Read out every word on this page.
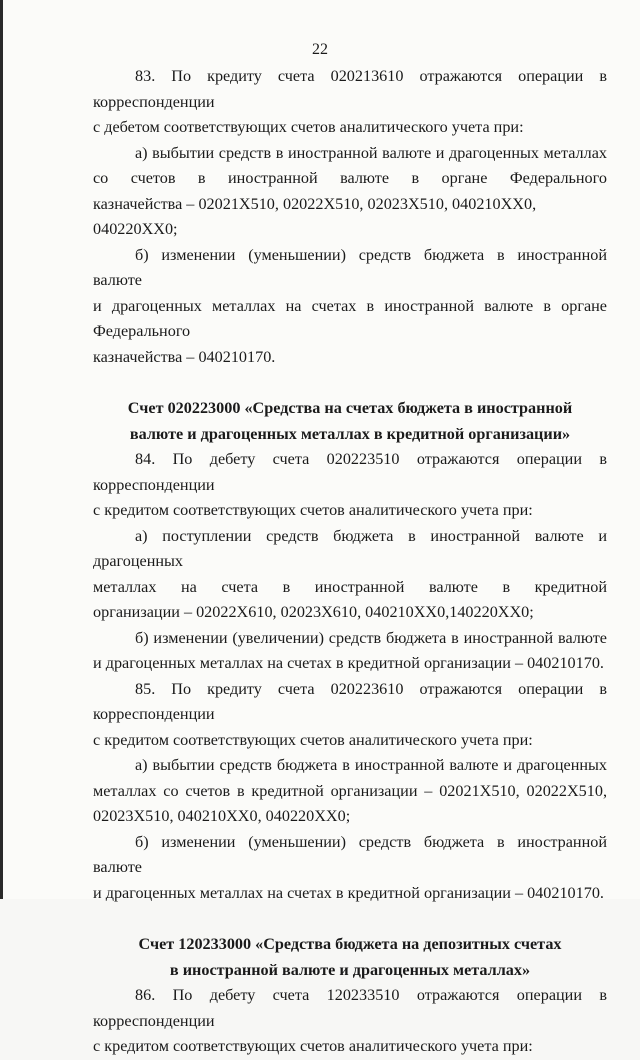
22
83. По кредиту счета 020213610 отражаются операции в корреспонденции
с дебетом соответствующих счетов аналитического учета при:
а) выбытии средств в иностранной валюте и драгоценных металлах
со счетов в иностранной валюте в органе Федерального
казначейства – 02021Х510, 02022Х510, 02023Х510, 040210ХХ0, 040220ХХ0;
б) изменении (уменьшении) средств бюджета в иностранной валюте
и драгоценных металлах на счетах в иностранной валюте в органе Федерального
казначейства – 040210170.
Счет 020223000 «Средства на счетах бюджета в иностранной
валюте и драгоценных металлах в кредитной организации»
84. По дебету счета 020223510 отражаются операции в корреспонденции
с кредитом соответствующих счетов аналитического учета при:
а) поступлении средств бюджета в иностранной валюте и драгоценных
металлах на счета в иностранной валюте в кредитной
организации – 02022Х610, 02023Х610, 040210ХХ0,140220ХХ0;
б) изменении (увеличении) средств бюджета в иностранной валюте
и драгоценных металлах на счетах в кредитной организации – 040210170.
85. По кредиту счета 020223610 отражаются операции в корреспонденции
с кредитом соответствующих счетов аналитического учета при:
а) выбытии средств бюджета в иностранной валюте и драгоценных
металлах со счетов в кредитной организации – 02021Х510, 02022Х510,
02023Х510, 040210ХХ0, 040220ХХ0;
б) изменении (уменьшении) средств бюджета в иностранной валюте
и драгоценных металлах на счетах в кредитной организации – 040210170.
Счет 120233000 «Средства бюджета на депозитных счетах
в иностранной валюте и драгоценных металлах»
86. По дебету счета 120233510 отражаются операции в корреспонденции
с кредитом соответствующих счетов аналитического учета при:
